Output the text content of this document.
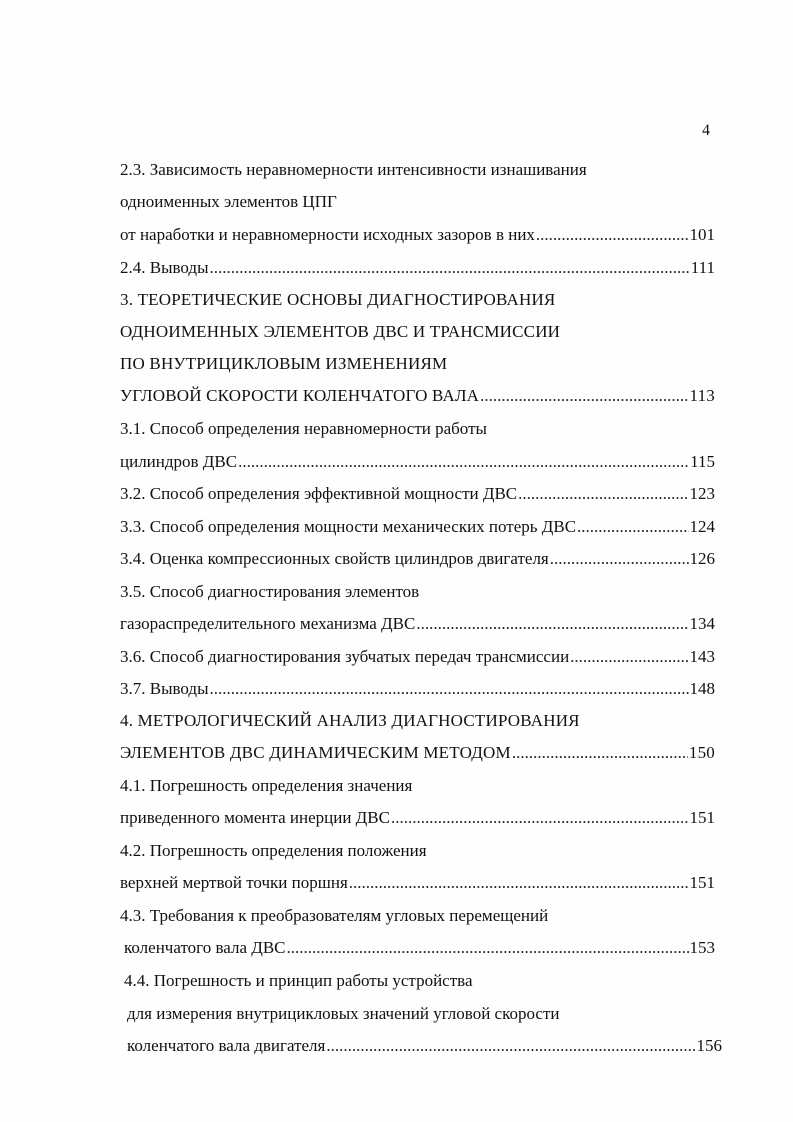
4
2.3. Зависимость неравномерности интенсивности изнашивания
одноименных элементов ЦПГ
от наработки и неравномерности исходных зазоров в них .....	101
2.4. Выводы .....	111
3. ТЕОРЕТИЧЕСКИЕ ОСНОВЫ ДИАГНОСТИРОВАНИЯ
ОДНОИМЕННЫХ ЭЛЕМЕНТОВ ДВС И ТРАНСМИССИИ
ПО ВНУТРИЦИКЛОВЫМ ИЗМЕНЕНИЯМ
УГЛОВОЙ СКОРОСТИ КОЛЕНЧАТОГО ВАЛА .....	113
3.1. Способ определения неравномерности работы
цилиндров ДВС .....	115
3.2. Способ определения эффективной мощности ДВС .....	123
3.3. Способ определения мощности механических потерь ДВС .....	124
3.4. Оценка компрессионных свойств цилиндров двигателя .....	126
3.5. Способ диагностирования элементов
газораспределительного механизма ДВС .....	134
3.6. Способ диагностирования зубчатых передач трансмиссии .....	143
3.7. Выводы .....	148
4. МЕТРОЛОГИЧЕСКИЙ АНАЛИЗ ДИАГНОСТИРОВАНИЯ
ЭЛЕМЕНТОВ ДВС ДИНАМИЧЕСКИМ МЕТОДОМ .....	150
4.1. Погрешность определения значения
приведенного момента инерции ДВС .....	151
4.2. Погрешность определения положения
верхней мертвой точки поршня .....	151
4.3. Требования к преобразователям угловых перемещений
коленчатого вала ДВС .....	153
4.4. Погрешность и принцип работы устройства
для измерения внутрицикловых значений угловой скорости
коленчатого вала двигателя .....	156
